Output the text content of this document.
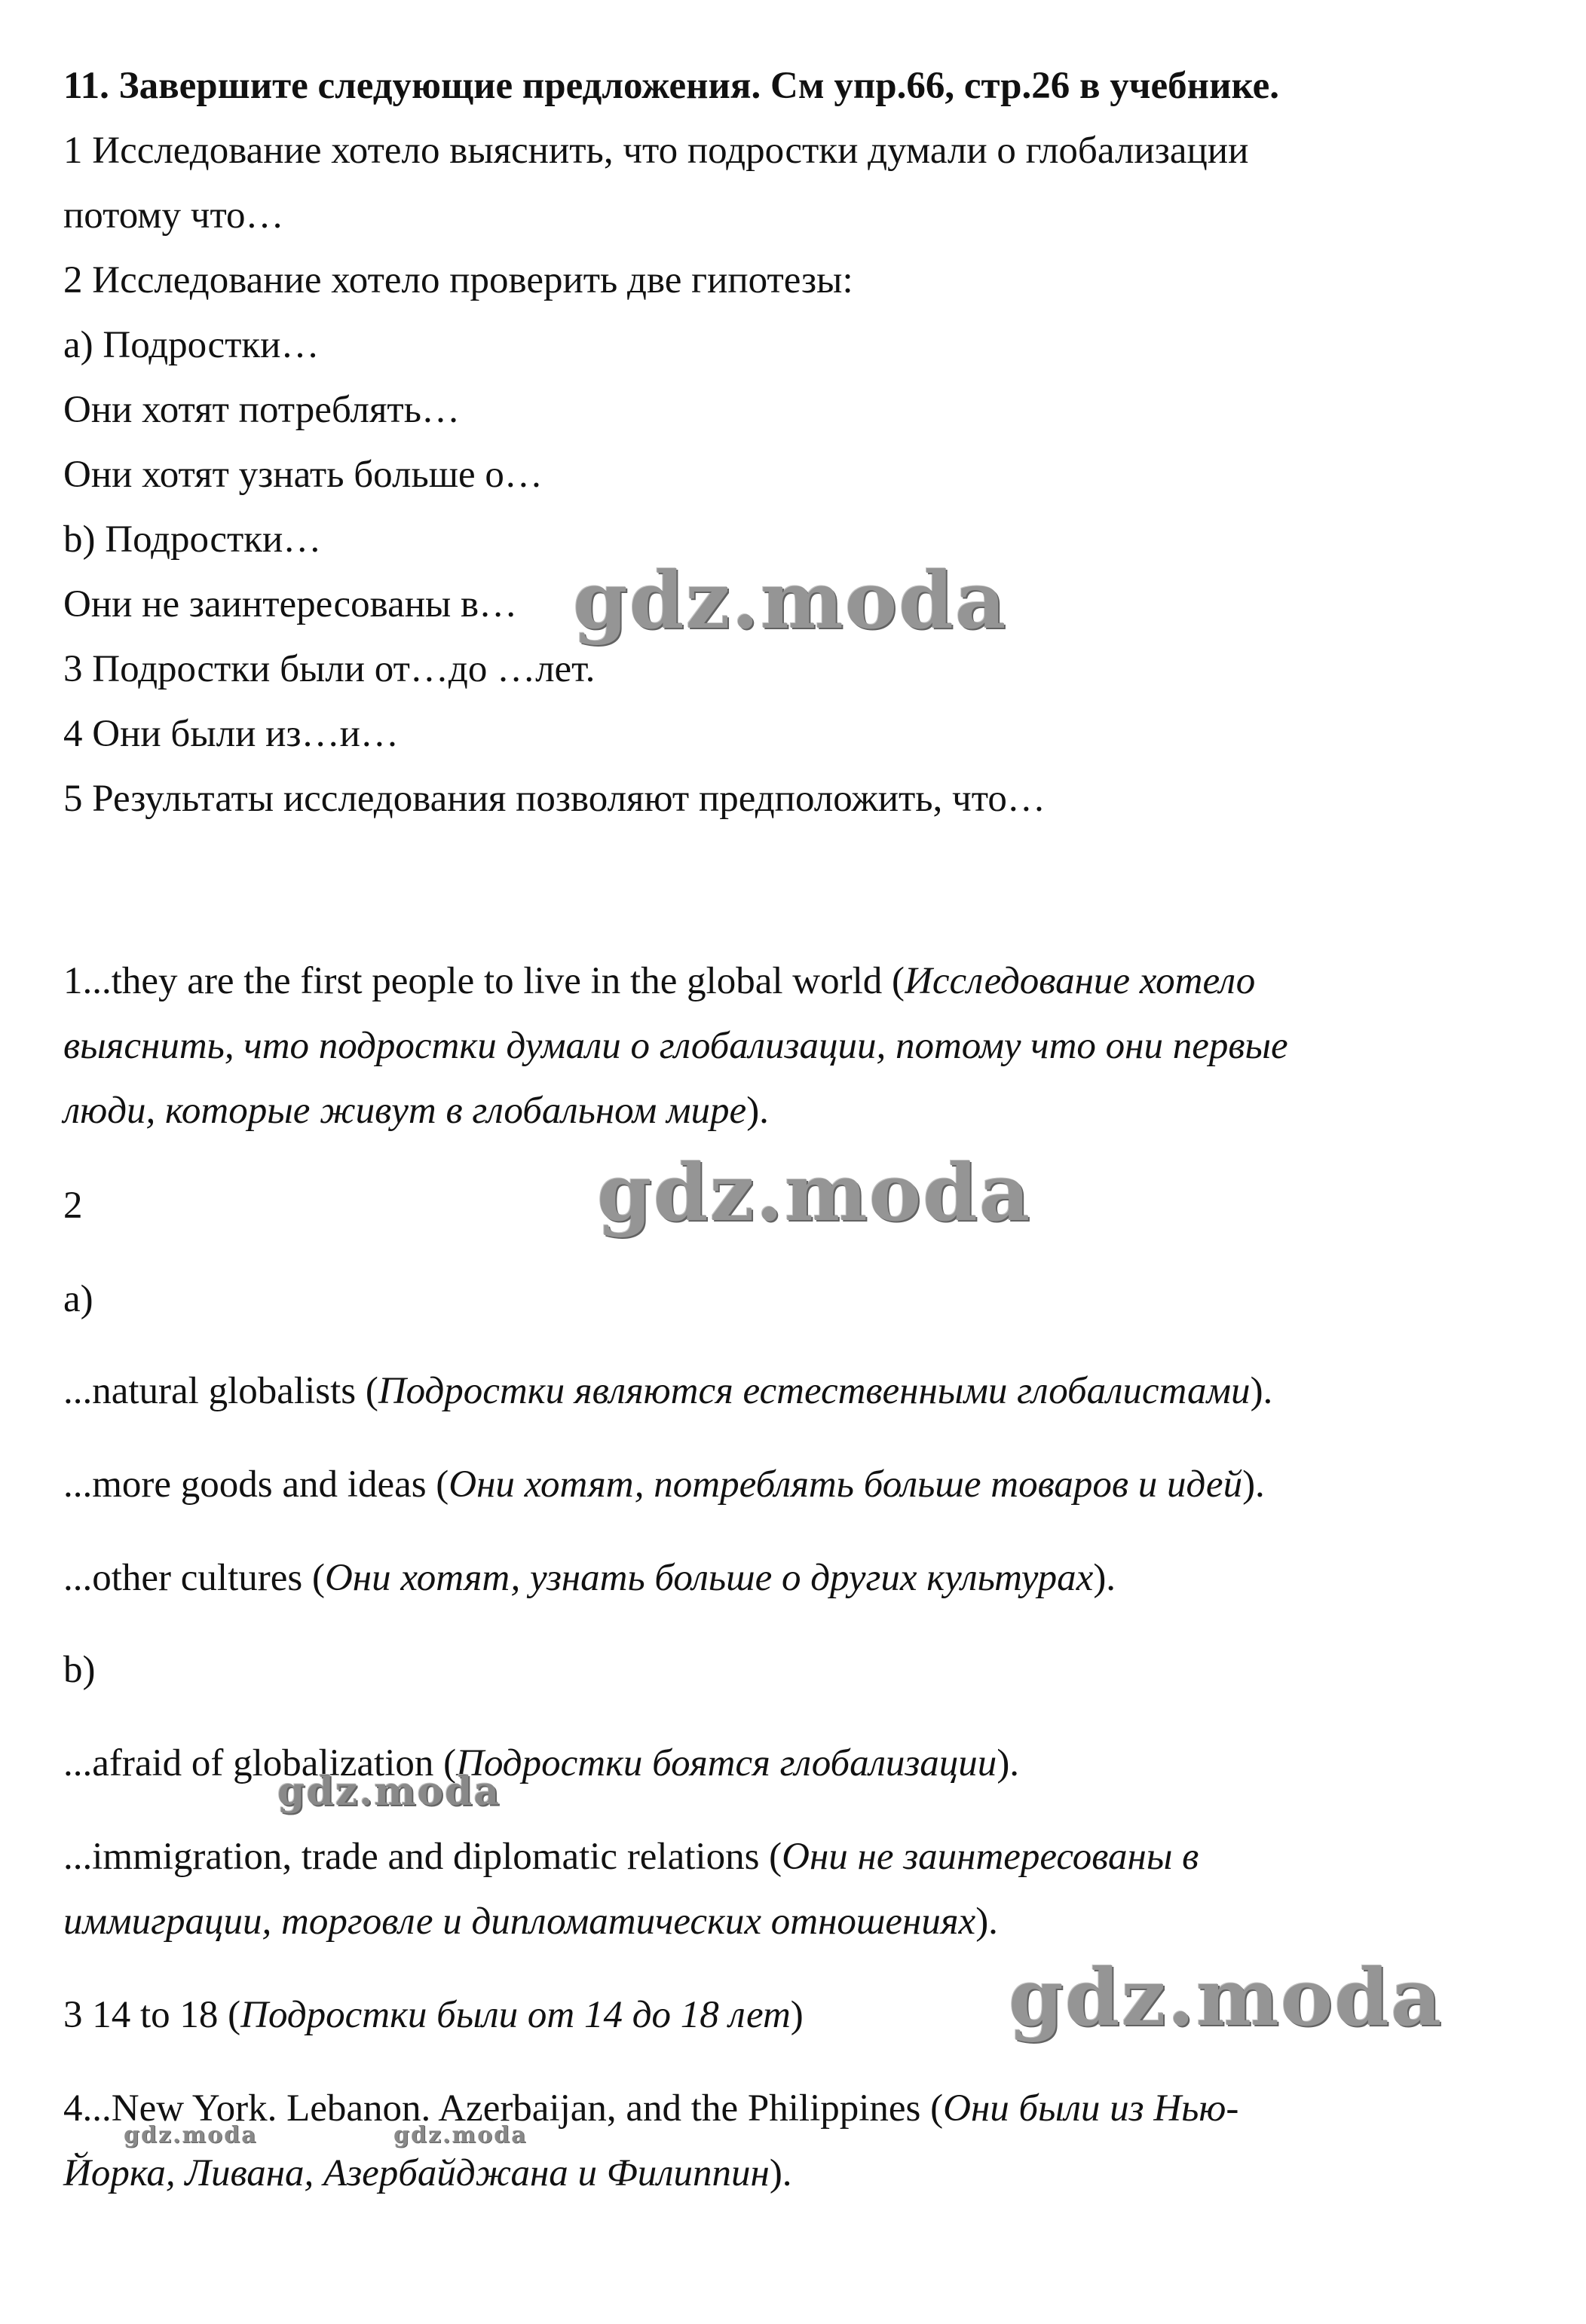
11. Завершите следующие предложения. См упр.66, стр.26 в учебнике.
1 Исследование хотело выяснить, что подростки думали о глобализации
потому что…
2 Исследование хотело проверить две гипотезы:
a) Подростки…
Они хотят потреблять…
Они хотят узнать больше о…
b) Подростки…
Они не заинтересованы в…
3 Подростки были от…до …лет.
4 Они были из…и…
5 Результаты исследования позволяют предположить, что…
1...they are the first people to live in the global world (Исследование хотело
выяснить, что подростки думали о глобализации, потому что они первые
люди, которые живут в глобальном мире).
2
a)
...natural globalists (Подростки являются естественными глобалистами).
...more goods and ideas (Они хотят, потреблять больше товаров и идей).
...other cultures (Они хотят, узнать больше о других культурах).
b)
...afraid of globalization (Подростки боятся глобализации).
...immigration, trade and diplomatic relations (Они не заинтересованы в
иммиграции, торговле и дипломатических отношениях).
3 14 to 18 (Подростки были от 14 до 18 лет)
4...New York. Lebanon. Azerbaijan, and the Philippines (Они были из Нью-
Йорка, Ливана, Азербайджана и Филиппин).
gdz.moda
gdz.moda
gdz.moda
gdz.moda
gdz.moda	gdz.moda
